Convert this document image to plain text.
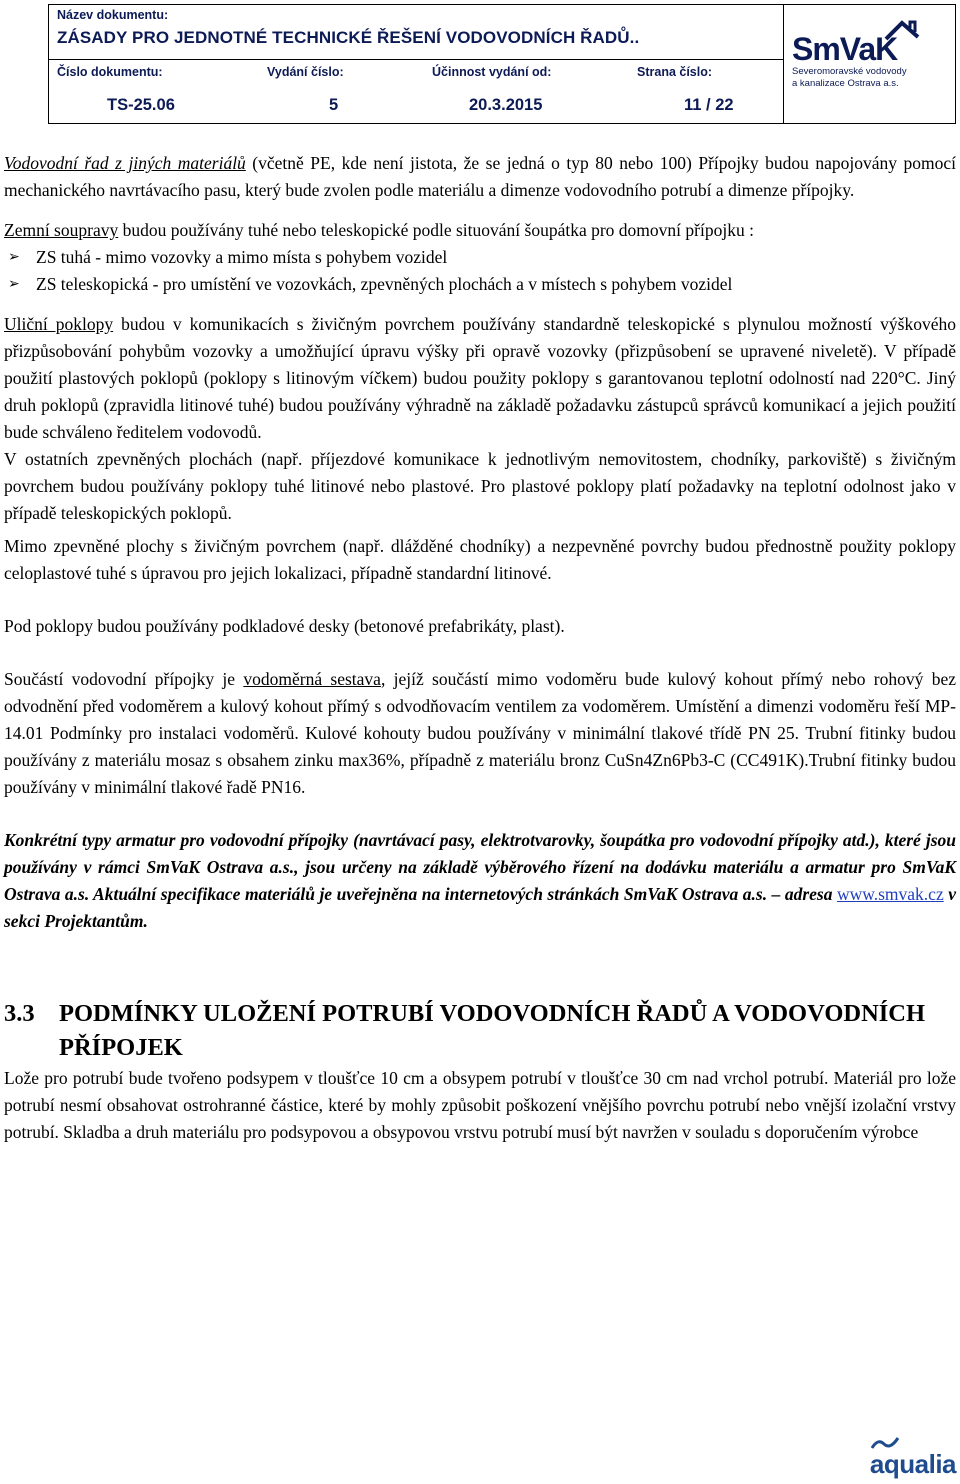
Název dokumentu:
ZÁSADY PRO JEDNOTNÉ TECHNICKÉ ŘEŠENÍ VODOVODNÍCH ŘADŮ..
Číslo dokumentu:
TS-25.06
Vydání číslo:
5
Účinnost vydání od:
20.3.2015
Strana číslo:
11 / 22
SmVaK
Severomoravské vodovody
a kanalizace Ostrava a.s.

Vodovodní řad z jiných materiálů (včetně PE, kde není jistota, že se jedná o typ 80 nebo 100) Přípojky budou napojovány pomocí mechanického navrtávacího pasu, který bude zvolen podle materiálu a dimenze vodovodního potrubí a dimenze přípojky.

Zemní soupravy budou používány tuhé nebo teleskopické podle situování šoupátka pro domovní přípojku :

➢ ZS tuhá - mimo vozovky a mimo místa s pohybem vozidel
➢ ZS teleskopická - pro umístění ve vozovkách, zpevněných plochách a v místech s pohybem vozidel

Uliční poklopy budou v komunikacích s živičným povrchem používány standardně teleskopické s plynulou možností výškového přizpůsobování pohybům vozovky a umožňující úpravu výšky při opravě vozovky (přizpůsobení se upravené niveletě). V případě použití plastových poklopů (poklopy s litinovým víčkem) budou použity poklopy s garantovanou teplotní odolností nad 220°C. Jiný druh poklopů (zpravidla litinové tuhé) budou používány výhradně na základě požadavku zástupců správců komunikací a jejich použití bude schváleno ředitelem vodovodů.

V ostatních zpevněných plochách (např. příjezdové komunikace k jednotlivým nemovitostem, chodníky, parkoviště) s živičným povrchem budou používány poklopy tuhé litinové nebo plastové. Pro plastové poklopy platí požadavky na teplotní odolnost jako v případě teleskopických poklopů.

Mimo zpevněné plochy s živičným povrchem (např. dlážděné chodníky) a nezpevněné povrchy budou přednostně použity poklopy celoplastové tuhé s úpravou pro jejich lokalizaci, případně standardní litinové.

Pod poklopy budou používány podkladové desky (betonové prefabrikáty, plast).

Součástí vodovodní přípojky je vodoměrná sestava, jejíž součástí mimo vodoměru bude kulový kohout přímý nebo rohový bez odvodnění před vodoměrem a kulový kohout přímý s odvodňovacím ventilem za vodoměrem. Umístění a dimenzi vodoměru řeší MP-14.01 Podmínky pro instalaci vodoměrů. Kulové kohouty budou používány v minimální tlakové třídě PN 25. Trubní fitinky budou používány z materiálu mosaz s obsahem zinku max36%, případně z materiálu bronz CuSn4Zn6Pb3-C (CC491K).Trubní fitinky budou používány v minimální tlakové řadě PN16.

Konkrétní typy armatur pro vodovodní přípojky (navrtávací pasy, elektrotvarovky, šoupátka pro vodovodní přípojky atd.), které jsou používány v rámci SmVaK Ostrava a.s., jsou určeny na základě výběrového řízení na dodávku materiálu a armatur pro SmVaK Ostrava a.s. Aktuální specifikace materiálů je uveřejněna na internetových stránkách SmVaK Ostrava a.s. – adresa www.smvak.cz v sekci Projektantům.

3.3 PODMÍNKY ULOŽENÍ POTRUBÍ VODOVODNÍCH ŘADŮ A VODOVODNÍCH PŘÍPOJEK

Lože pro potrubí bude tvořeno podsypem v tloušťce 10 cm a obsypem potrubí v tloušťce 30 cm nad vrchol potrubí. Materiál pro lože potrubí nesmí obsahovat ostrohranné částice, které by mohly způsobit poškození vnějšího povrchu potrubí nebo vnější izolační vrstvy potrubí. Skladba a druh materiálu pro podsypovou a obsypovou vrstvu potrubí musí být navržen v souladu s doporučením výrobce

aqualia
